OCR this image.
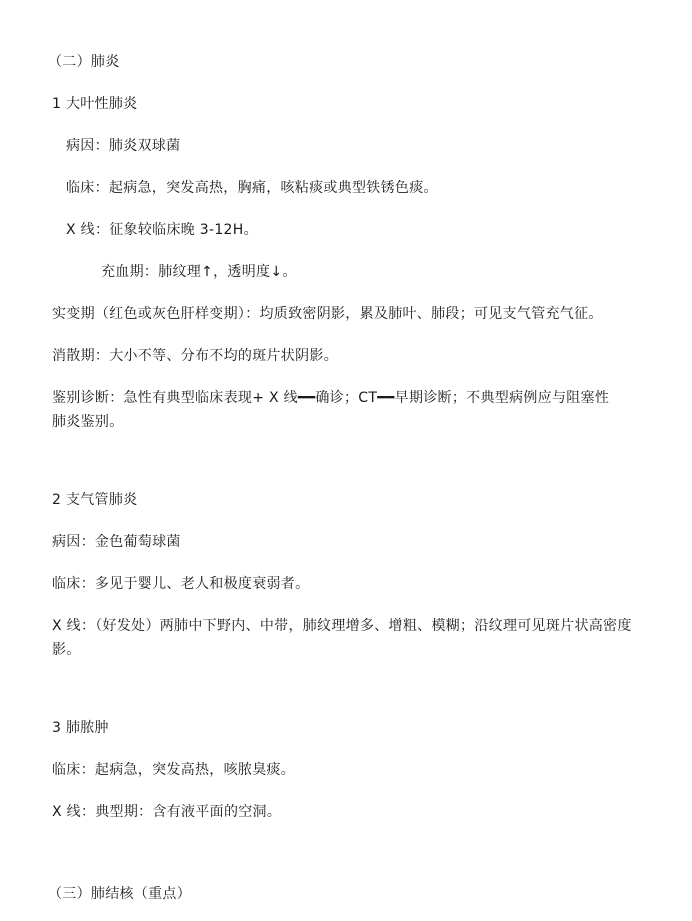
（二）肺炎
1 大叶性肺炎
病因：肺炎双球菌
临床：起病急，突发高热，胸痛，咳粘痰或典型铁锈色痰。
X 线：征象较临床晚 3-12H。
充血期：肺纹理↑，透明度↓。
实变期（红色或灰色肝样变期）：均质致密阴影，累及肺叶、肺段；可见支气管充气征。
消散期：大小不等、分布不均的斑片状阴影。
鉴别诊断：急性有典型临床表现+ X 线━━确诊；CT━━早期诊断；不典型病例应与阻塞性肺炎鉴别。
2 支气管肺炎
病因：金色葡萄球菌
临床：多见于婴儿、老人和极度衰弱者。
X 线：（好发处）两肺中下野内、中带，肺纹理增多、增粗、模糊；沿纹理可见斑片状高密度影。
3 肺脓肿
临床：起病急，突发高热，咳脓臭痰。
X 线：典型期：含有液平面的空洞。
（三）肺结核（重点）
